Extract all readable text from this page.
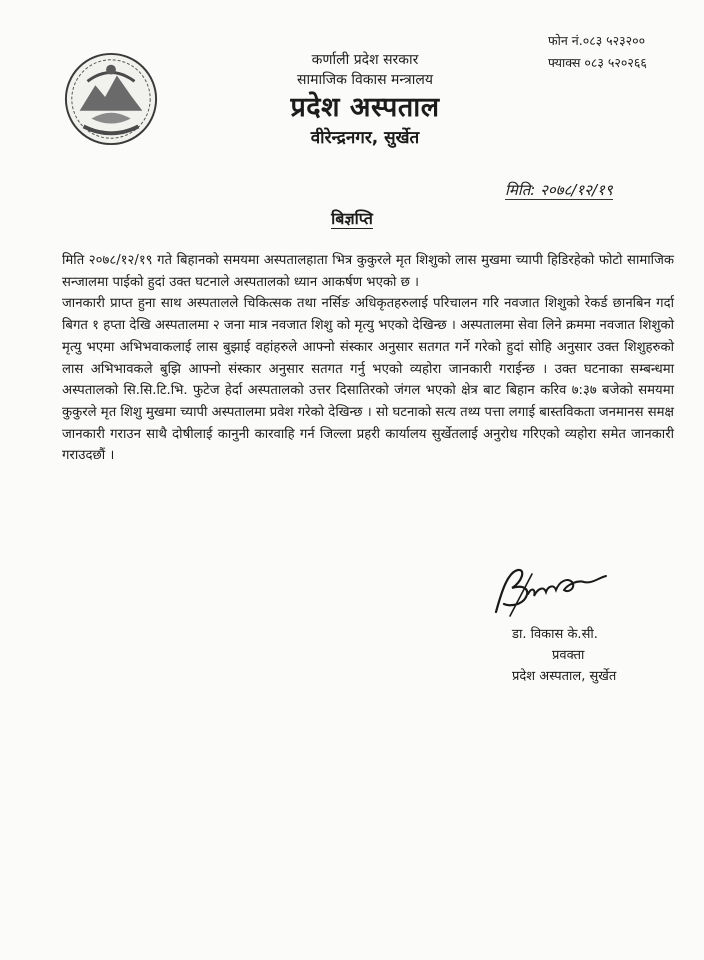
कर्णाली प्रदेश सरकार
सामाजिक विकास मन्त्रालय
प्रदेश अस्पताल
वीरेन्द्रनगर, सुर्खेत
फोन नं.०८३ ५२३२००
फ्याक्स ०८३ ५२०२६६
मिति: २०७८/१२/१९
बिज्ञप्ति

मिति २०७८/१२/१९ गते बिहानको समयमा अस्पतालहाता भित्र कुकुरले मृत शिशुको लास मुखमा च्यापी हिडिरहेको फोटो सामाजिक सन्जालमा पाईको हुदां उक्त घटनाले अस्पतालको ध्यान आकर्षण भएको छ ।

जानकारी प्राप्त हुना साथ अस्पतालले चिकित्सक तथा नर्सिङ अधिकृतहरुलाई परिचालन गरि नवजात शिशुको रेकर्ड छानबिन गर्दा बिगत १ हप्ता देखि अस्पतालमा २ जना मात्र नवजात शिशु को मृत्यु भएको देखिन्छ । अस्पतालमा सेवा लिने क्रममा नवजात शिशुको मृत्यु भएमा अभिभवाकलाई लास बुझाई वहांहरुले आफ्नो संस्कार अनुसार सतगत गर्ने गरेको हुदां सोहि अनुसार उक्त शिशुहरुको लास अभिभावकले बुझि आफ्नो संस्कार अनुसार सतगत गर्नु भएको व्यहोरा जानकारी गराईन्छ । उक्त घटनाका सम्बन्धमा अस्पतालको सि.सि.टि.भि. फुटेज हेर्दा अस्पतालको उत्तर दिसातिरको जंगल भएको क्षेत्र बाट बिहान करिव ७:३७ बजेको समयमा कुकुरले मृत शिशु मुखमा च्यापी अस्पतालमा प्रवेश गरेको देखिन्छ । सो घटनाको सत्य तथ्य पत्ता लगाई बास्तविकता जनमानस समक्ष जानकारी गराउन साथै दोषीलाई कानुनी कारवाहि गर्न जिल्ला प्रहरी कार्यालय सुर्खेतलाई अनुरोध गरिएको व्यहोरा समेत जानकारी गराउदछौं ।

डा. विकास के.सी.
प्रवक्ता
प्रदेश अस्पताल, सुर्खेत
